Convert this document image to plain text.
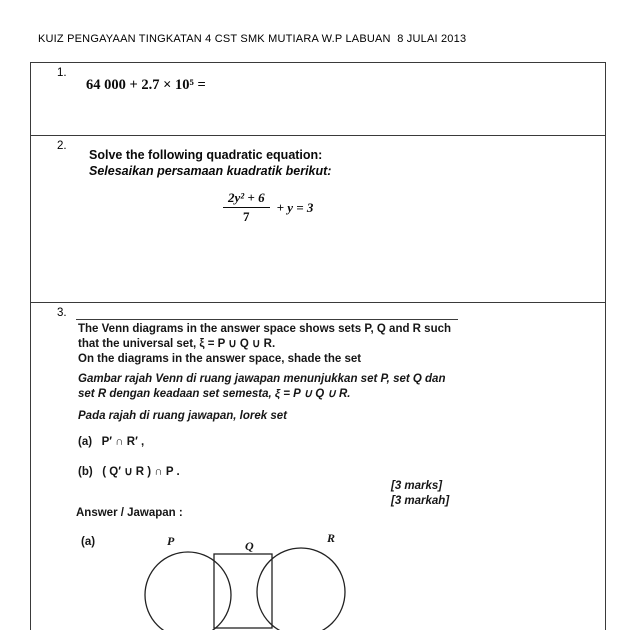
KUIZ PENGAYAAN TINGKATAN 4 CST SMK MUTIARA W.P LABUAN  8 JULAI 2013
1.
64 000 + 2.7 × 10⁵ =
2.
Solve the following quadratic equation:
Selesaikan persamaan kuadratik berikut:
$\frac{\text{2y² + 6}}{7} + y = 3$
3.
The Venn diagrams in the answer space shows sets P, Q and R such
that the universal set, ξ = P ∪ Q ∪ R.
On the diagrams in the answer space, shade the set
Gambar rajah Venn di ruang jawapan menunjukkan set P, set Q dan
set R dengan keadaan set semesta, ξ = P ∪ Q ∪ R.
Pada rajah di ruang jawapan, lorek set
(a)   P′ ∩ R′ ,
(b)   ( Q′ ∪ R ) ∩ P .
[3 marks]
[3 markah]
Answer / Jawapan :
(a)	P	Q
R
